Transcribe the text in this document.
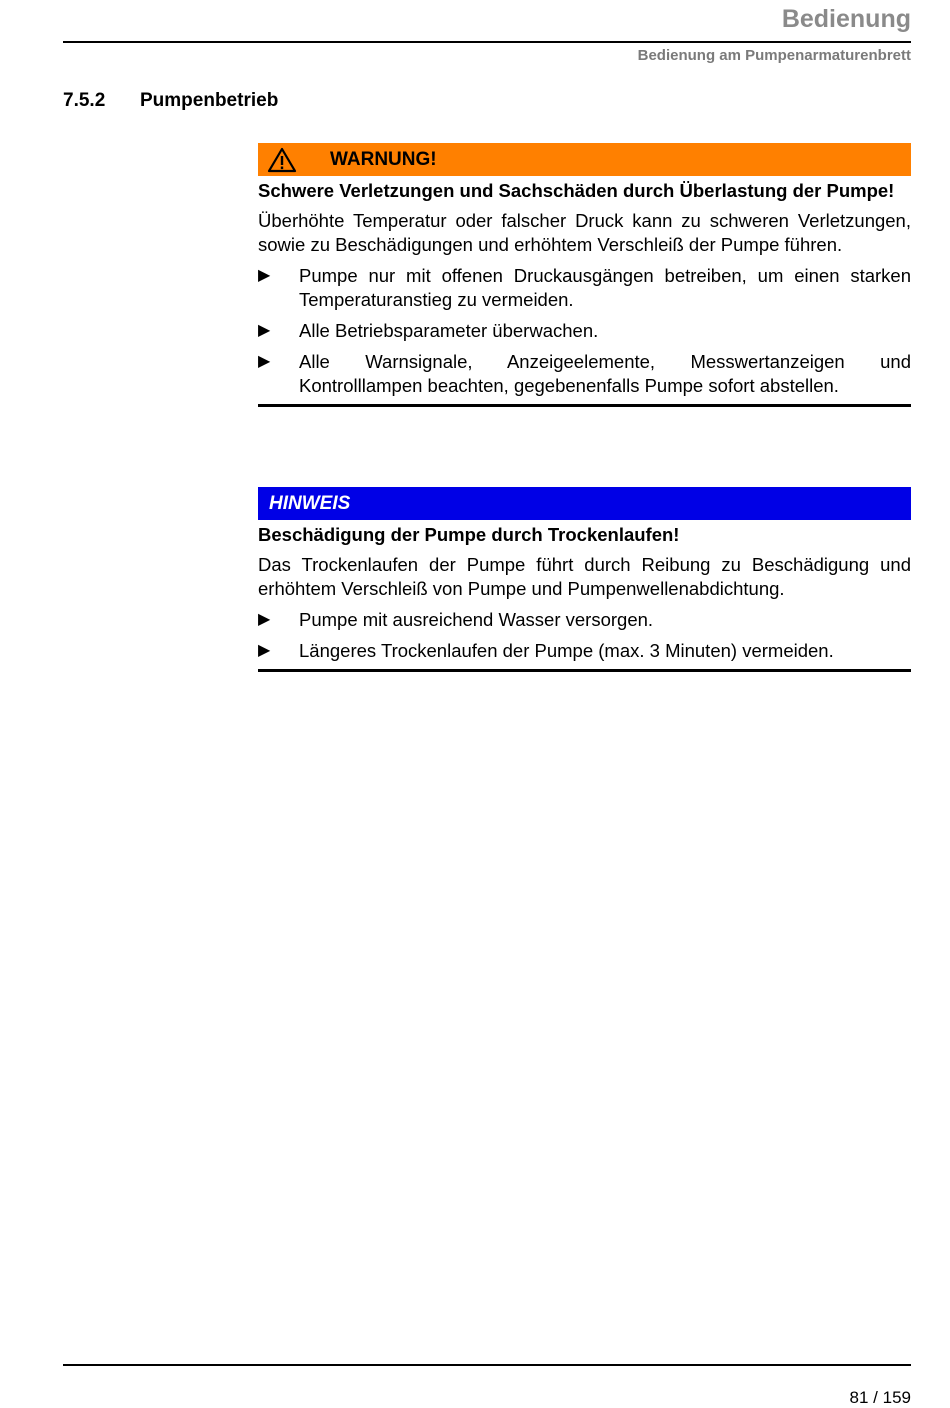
Bedienung
Bedienung am Pumpenarmaturenbrett
7.5.2 Pumpenbetrieb
WARNUNG!
Schwere Verletzungen und Sachschäden durch Überlastung der Pumpe!
Überhöhte Temperatur oder falscher Druck kann zu schweren Verletzungen, sowie zu Beschädigungen und erhöhtem Verschleiß der Pumpe führen.
▶	Pumpe nur mit offenen Druckausgängen betreiben, um einen starken Temperaturanstieg zu vermeiden.
▶	Alle Betriebsparameter überwachen.
▶	Alle Warnsignale, Anzeigeelemente, Messwertanzeigen und Kontrolllampen beachten, gegebenenfalls Pumpe sofort abstellen.
HINWEIS
Beschädigung der Pumpe durch Trockenlaufen!
Das Trockenlaufen der Pumpe führt durch Reibung zu Beschädigung und erhöhtem Verschleiß von Pumpe und Pumpenwellenabdichtung.
▶	Pumpe mit ausreichend Wasser versorgen.
▶	Längeres Trockenlaufen der Pumpe (max. 3 Minuten) vermeiden.
81 / 159
